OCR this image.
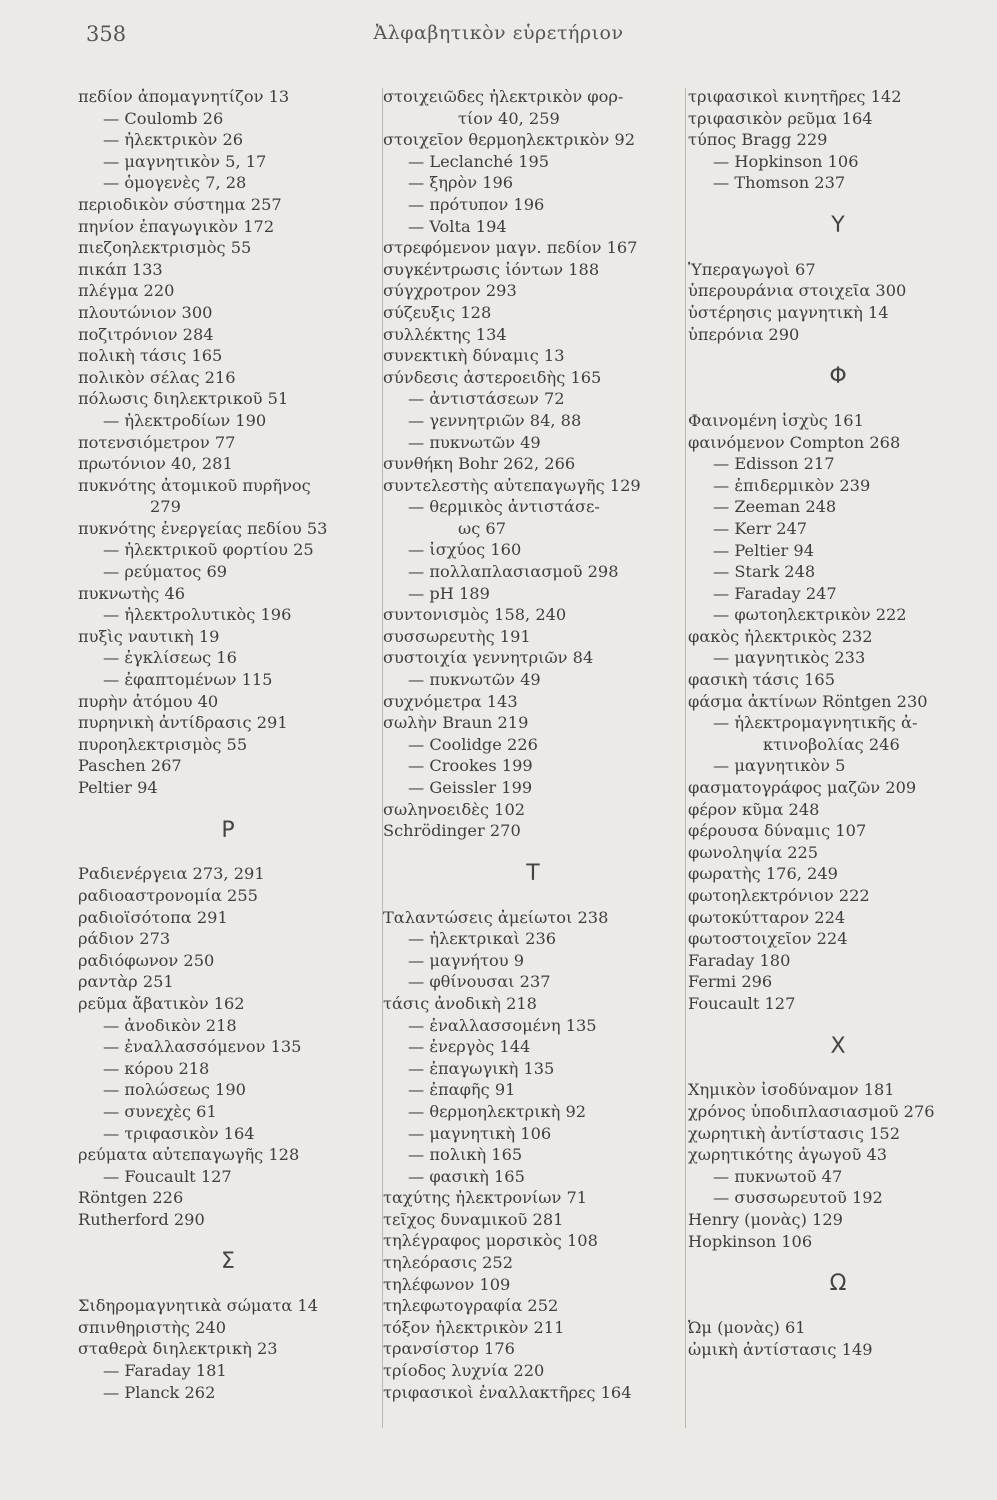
358	Ἀλφαβητικὸν εὑρετήριον
πεδίον ἀπομαγνητίζον 13
— Coulomb 26
— ἠλεκτρικὸν 26
— μαγνητικὸν 5, 17
— ὁμογενὲς 7, 28
περιοδικὸν σύστημα 257
πηνίον ἐπαγωγικὸν 172
πιεζοηλεκτρισμὸς 55
πικάπ 133
πλέγμα 220
πλουτώνιον 300
ποζιτρόνιον 284
πολικὴ τάσις 165
πολικὸν σέλας 216
πόλωσις διηλεκτρικοῦ 51
— ἠλεκτροδίων 190
ποτενσιόμετρον 77
πρωτόνιον 40, 281
πυκνότης ἀτομικοῦ πυρῆνος
279
πυκνότης ἐνεργείας πεδίου 53
— ἠλεκτρικοῦ φορτίου 25
— ρεύματος 69
πυκνωτὴς 46
— ἠλεκτρολυτικὸς 196
πυξὶς ναυτικὴ 19
— ἐγκλίσεως 16
— ἐφαπτομένων 115
πυρὴν ἀτόμου 40
πυρηνικὴ ἀντίδρασις 291
πυροηλεκτρισμὸς 55
Paschen 267
Peltier 94
Ρ
Ραδιενέργεια 273, 291
ραδιοαστρονομία 255
ραδιοϊσότοπα 291
ράδιον 273
ραδιόφωνον 250
ραντὰρ 251
ρεῦμα ἄβατικὸν 162
— ἀνοδικὸν 218
— ἐναλλασσόμενον 135
— κόρου 218
— πολώσεως 190
— συνεχὲς 61
— τριφασικὸν 164
ρεύματα αὐτεπαγωγῆς 128
— Foucault 127
Röntgen 226
Rutherford 290
Σ
Σιδηρομαγνητικὰ σώματα 14
σπινθηριστὴς 240
σταθερὰ διηλεκτρικὴ 23
— Faraday 181
— Planck 262
στοιχειῶδες ἠλεκτρικὸν φορ-
τίον 40, 259
στοιχεῖον θερμοηλεκτρικὸν 92
— Leclanché 195
— ξηρὸν 196
— πρότυπον 196
— Volta 194
στρεφόμενον μαγν. πεδίον 167
συγκέντρωσις ἰόντων 188
σύγχροτρον 293
σύζευξις 128
συλλέκτης 134
συνεκτικὴ δύναμις 13
σύνδεσις ἀστεροειδὴς 165
— ἀντιστάσεων 72
— γεννητριῶν 84, 88
— πυκνωτῶν 49
συνθήκη Bohr 262, 266
συντελεστὴς αὐτεπαγωγῆς 129
— θερμικὸς ἀντιστάσε-
ως 67
— ἰσχύος 160
— πολλαπλασιασμοῦ 298
— pH 189
συντονισμὸς 158, 240
συσσωρευτὴς 191
συστοιχία γεννητριῶν 84
— πυκνωτῶν 49
συχνόμετρα 143
σωλὴν Braun 219
— Coolidge 226
— Crookes 199
— Geissler 199
σωληνοειδὲς 102
Schrödinger 270
Τ
Ταλαντώσεις ἀμείωτοι 238
— ἠλεκτρικαὶ 236
— μαγνήτου 9
— φθίνουσαι 237
τάσις ἀνοδικὴ 218
— ἐναλλασσομένη 135
— ἐνεργὸς 144
— ἐπαγωγικὴ 135
— ἐπαφῆς 91
— θερμοηλεκτρικὴ 92
— μαγνητικὴ 106
— πολικὴ 165
— φασικὴ 165
ταχύτης ἠλεκτρονίων 71
τεῖχος δυναμικοῦ 281
τηλέγραφος μορσικὸς 108
τηλεόρασις 252
τηλέφωνον 109
τηλεφωτογραφία 252
τόξον ἠλεκτρικὸν 211
τρανσίστορ 176
τρίοδος λυχνία 220
τριφασικοὶ ἐναλλακτῆρες 164
τριφασικοὶ κινητῆρες 142
τριφασικὸν ρεῦμα 164
τύπος Bragg 229
— Hopkinson 106
— Thomson 237
Υ
Ὑπεραγωγοὶ 67
ὑπερουράνια στοιχεῖα 300
ὑστέρησις μαγνητικὴ 14
ὑπερόνια 290
Φ
Φαινομένη ἰσχὺς 161
φαινόμενον Compton 268
— Edisson 217
— ἐπιδερμικὸν 239
— Zeeman 248
— Kerr 247
— Peltier 94
— Stark 248
— Faraday 247
— φωτοηλεκτρικὸν 222
φακὸς ἠλεκτρικὸς 232
— μαγνητικὸς 233
φασικὴ τάσις 165
φάσμα ἀκτίνων Röntgen 230
— ἠλεκτρομαγνητικῆς ἀ-
κτινοβολίας 246
— μαγνητικὸν 5
φασματογράφος μαζῶν 209
φέρον κῦμα 248
φέρουσα δύναμις 107
φωνοληψία 225
φωρατὴς 176, 249
φωτοηλεκτρόνιον 222
φωτοκύτταρον 224
φωτοστοιχεῖον 224
Faraday 180
Fermi 296
Foucault 127
Χ
Χημικὸν ἰσοδύναμον 181
χρόνος ὑποδιπλασιασμοῦ 276
χωρητικὴ ἀντίστασις 152
χωρητικότης ἀγωγοῦ 43
— πυκνωτοῦ 47
— συσσωρευτοῦ 192
Henry (μονὰς) 129
Hopkinson 106
Ω
Ὠμ (μονὰς) 61
ὠμικὴ ἀντίστασις 149
